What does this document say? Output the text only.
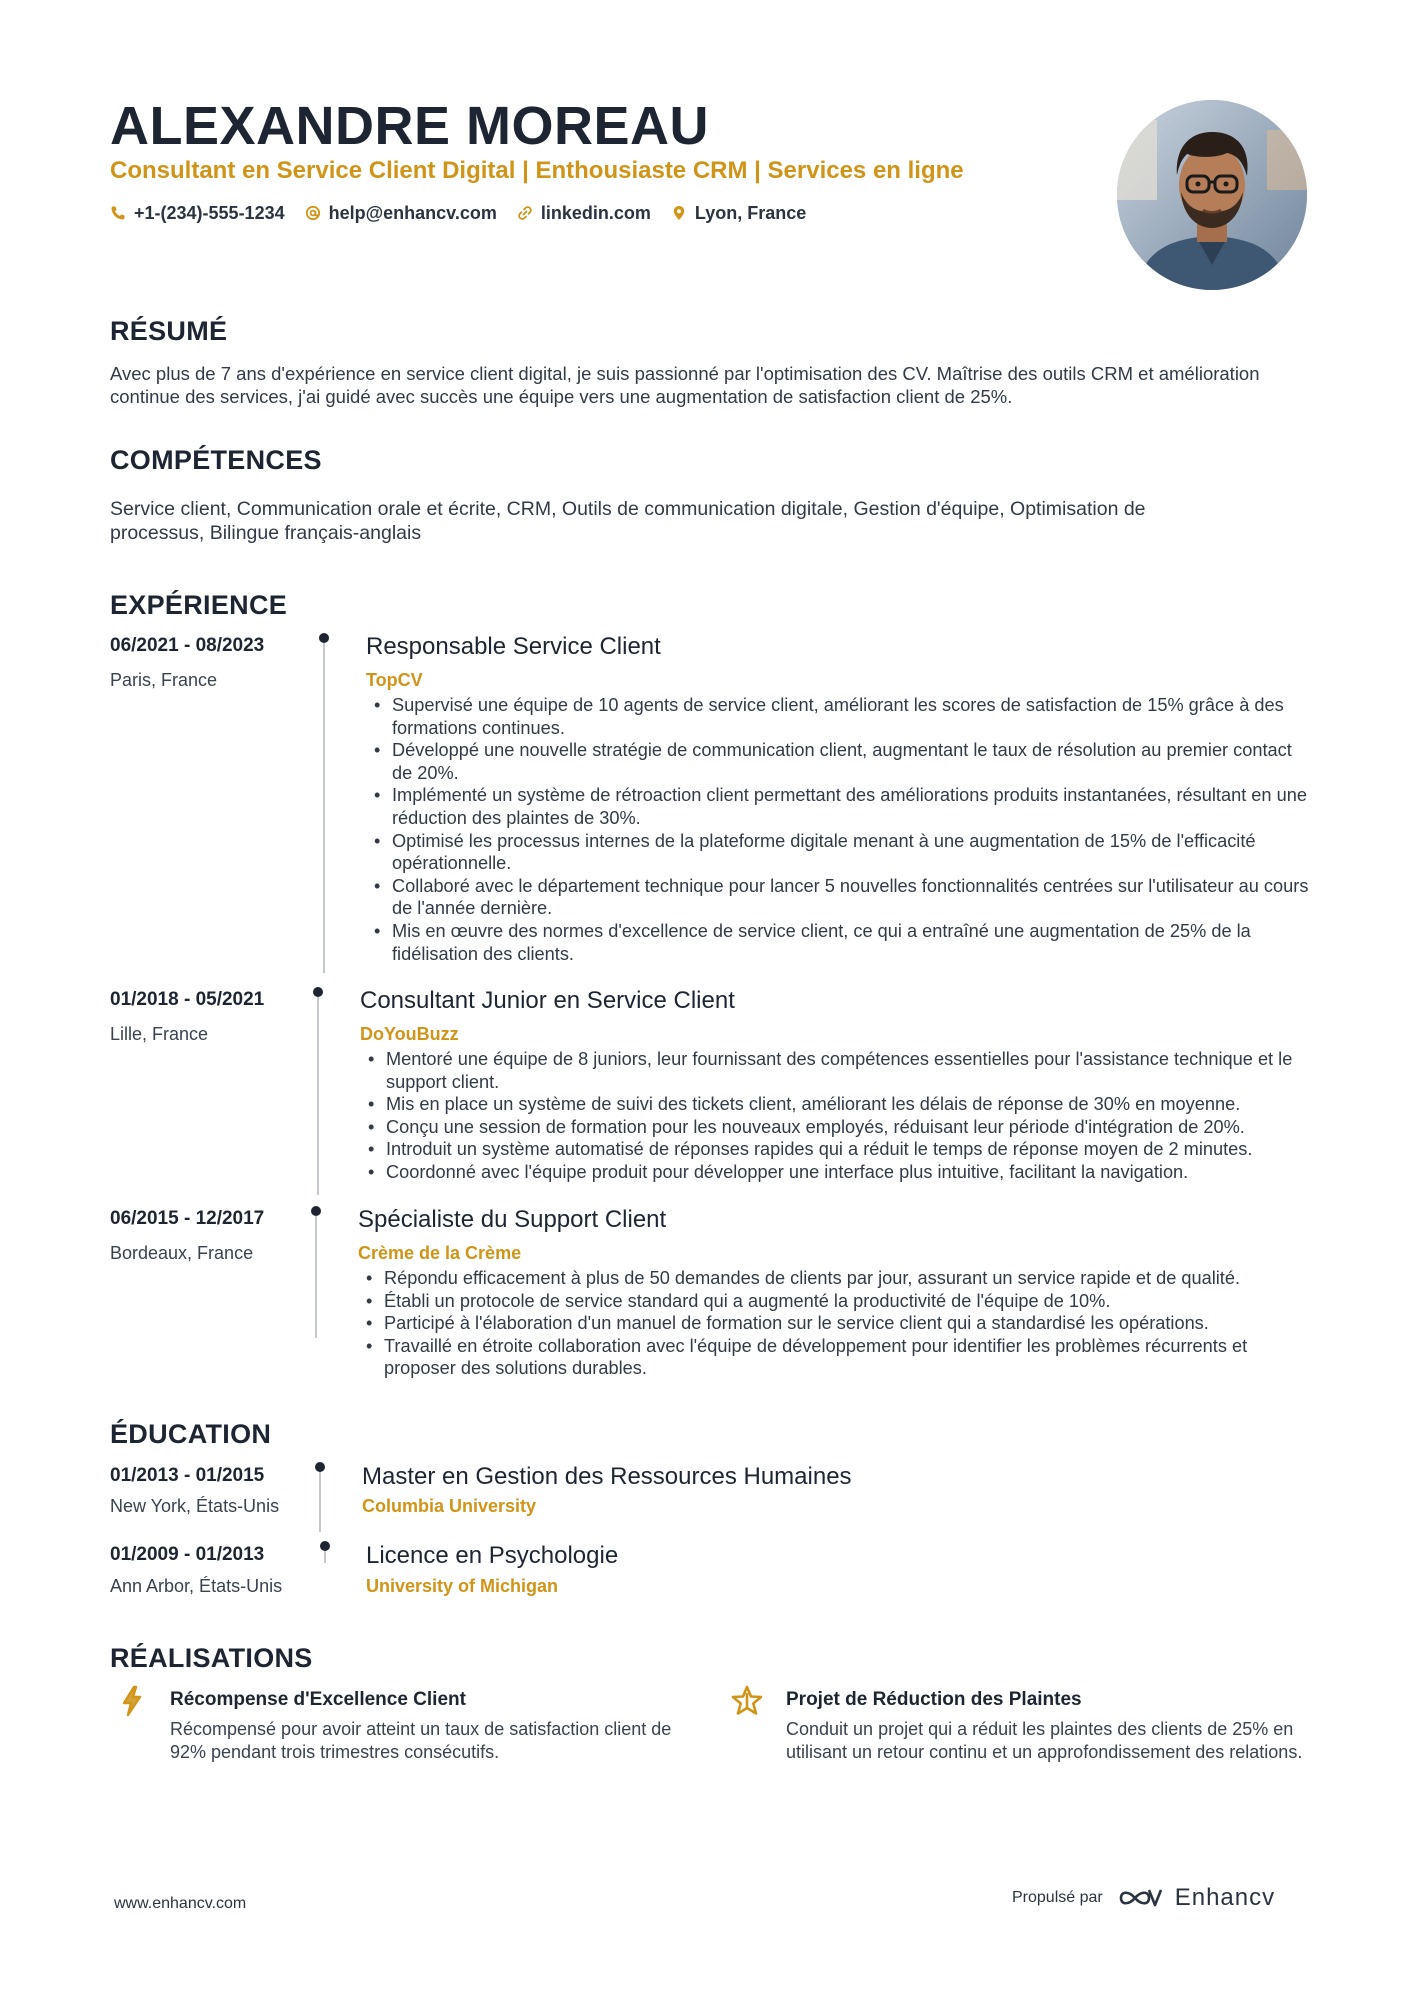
ALEXANDRE MOREAU
Consultant en Service Client Digital | Enthousiaste CRM | Services en ligne
+1-(234)-555-1234 help@enhancv.com linkedin.com Lyon, France
RÉSUMÉ
Avec plus de 7 ans d'expérience en service client digital, je suis passionné par l'optimisation des CV. Maîtrise des outils CRM et amélioration continue des services, j'ai guidé avec succès une équipe vers une augmentation de satisfaction client de 25%.
COMPÉTENCES
Service client, Communication orale et écrite, CRM, Outils de communication digitale, Gestion d'équipe, Optimisation de processus, Bilingue français-anglais
EXPÉRIENCE
06/2021 - 08/2023
Paris, France
Responsable Service Client
TopCV
• Supervisé une équipe de 10 agents de service client, améliorant les scores de satisfaction de 15% grâce à des formations continues.
• Développé une nouvelle stratégie de communication client, augmentant le taux de résolution au premier contact de 20%.
• Implémenté un système de rétroaction client permettant des améliorations produits instantanées, résultant en une réduction des plaintes de 30%.
• Optimisé les processus internes de la plateforme digitale menant à une augmentation de 15% de l'efficacité opérationnelle.
• Collaboré avec le département technique pour lancer 5 nouvelles fonctionnalités centrées sur l'utilisateur au cours de l'année dernière.
• Mis en œuvre des normes d'excellence de service client, ce qui a entraîné une augmentation de 25% de la fidélisation des clients.
01/2018 - 05/2021
Lille, France
Consultant Junior en Service Client
DoYouBuzz
• Mentoré une équipe de 8 juniors, leur fournissant des compétences essentielles pour l'assistance technique et le support client.
• Mis en place un système de suivi des tickets client, améliorant les délais de réponse de 30% en moyenne.
• Conçu une session de formation pour les nouveaux employés, réduisant leur période d'intégration de 20%.
• Introduit un système automatisé de réponses rapides qui a réduit le temps de réponse moyen de 2 minutes.
• Coordonné avec l'équipe produit pour développer une interface plus intuitive, facilitant la navigation.
06/2015 - 12/2017
Bordeaux, France
Spécialiste du Support Client
Crème de la Crème
• Répondu efficacement à plus de 50 demandes de clients par jour, assurant un service rapide et de qualité.
• Établi un protocole de service standard qui a augmenté la productivité de l'équipe de 10%.
• Participé à l'élaboration d'un manuel de formation sur le service client qui a standardisé les opérations.
• Travaillé en étroite collaboration avec l'équipe de développement pour identifier les problèmes récurrents et proposer des solutions durables.
ÉDUCATION
01/2013 - 01/2015
New York, États-Unis
Master en Gestion des Ressources Humaines
Columbia University
01/2009 - 01/2013
Ann Arbor, États-Unis
Licence en Psychologie
University of Michigan
RÉALISATIONS
Récompense d'Excellence Client
Récompensé pour avoir atteint un taux de satisfaction client de 92% pendant trois trimestres consécutifs.
Projet de Réduction des Plaintes
Conduit un projet qui a réduit les plaintes des clients de 25% en utilisant un retour continu et un approfondissement des relations.
www.enhancv.com	Propulsé par	Enhancv
